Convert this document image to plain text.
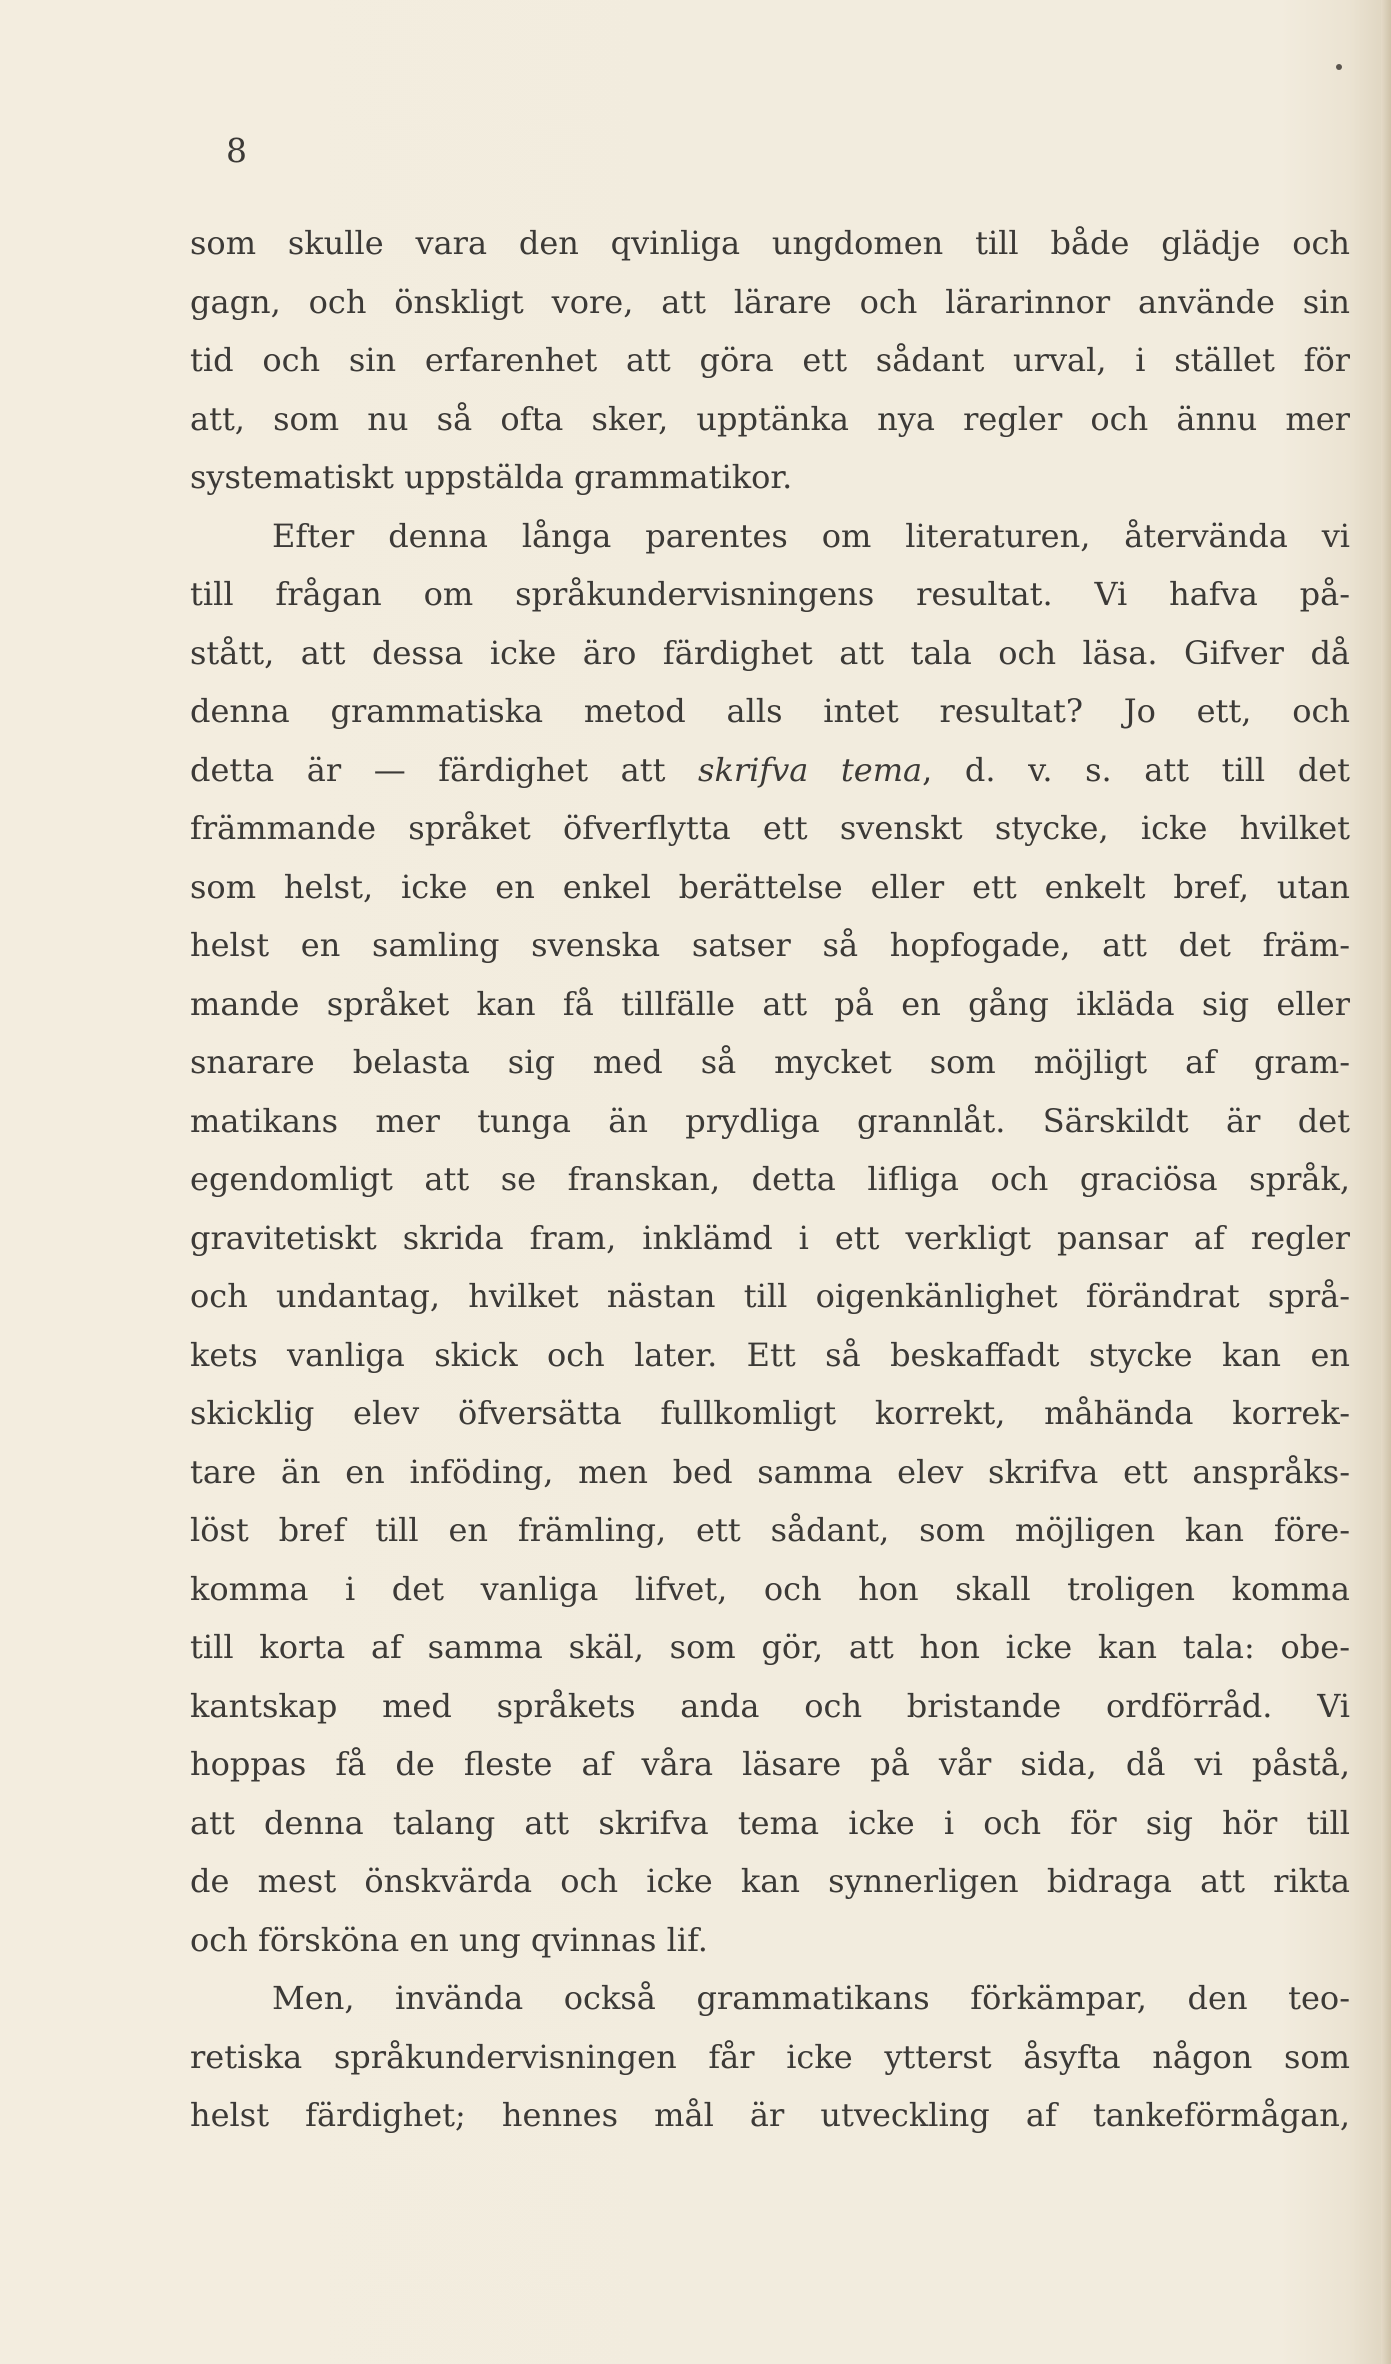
8
som skulle vara den qvinliga ungdomen till både glädje och
gagn, och önskligt vore, att lärare och lärarinnor använde sin
tid och sin erfarenhet att göra ett sådant urval, i stället för
att, som nu så ofta sker, upptänka nya regler och ännu mer
systematiskt uppstälda grammatikor.
Efter denna långa parentes om literaturen, återvända vi
till frågan om språkundervisningens resultat. Vi hafva på-
stått, att dessa icke äro färdighet att tala och läsa. Gifver då
denna grammatiska metod alls intet resultat? Jo ett, och
detta är — färdighet att skrifva tema, d. v. s. att till det
främmande språket öfverflytta ett svenskt stycke, icke hvilket
som helst, icke en enkel berättelse eller ett enkelt bref, utan
helst en samling svenska satser så hopfogade, att det främ-
mande språket kan få tillfälle att på en gång ikläda sig eller
snarare belasta sig med så mycket som möjligt af gram-
matikans mer tunga än prydliga grannlåt. Särskildt är det
egendomligt att se franskan, detta lifliga och graciösa språk,
gravitetiskt skrida fram, inklämd i ett verkligt pansar af regler
och undantag, hvilket nästan till oigenkänlighet förändrat språ-
kets vanliga skick och later. Ett så beskaffadt stycke kan en
skicklig elev öfversätta fullkomligt korrekt, måhända korrek-
tare än en inföding, men bed samma elev skrifva ett anspråks-
löst bref till en främling, ett sådant, som möjligen kan före-
komma i det vanliga lifvet, och hon skall troligen komma
till korta af samma skäl, som gör, att hon icke kan tala: obe-
kantskap med språkets anda och bristande ordförråd. Vi
hoppas få de fleste af våra läsare på vår sida, då vi påstå,
att denna talang att skrifva tema icke i och för sig hör till
de mest önskvärda och icke kan synnerligen bidraga att rikta
och försköna en ung qvinnas lif.
Men, invända också grammatikans förkämpar, den teo-
retiska språkundervisningen får icke ytterst åsyfta någon som
helst färdighet; hennes mål är utveckling af tankeförmågan,
